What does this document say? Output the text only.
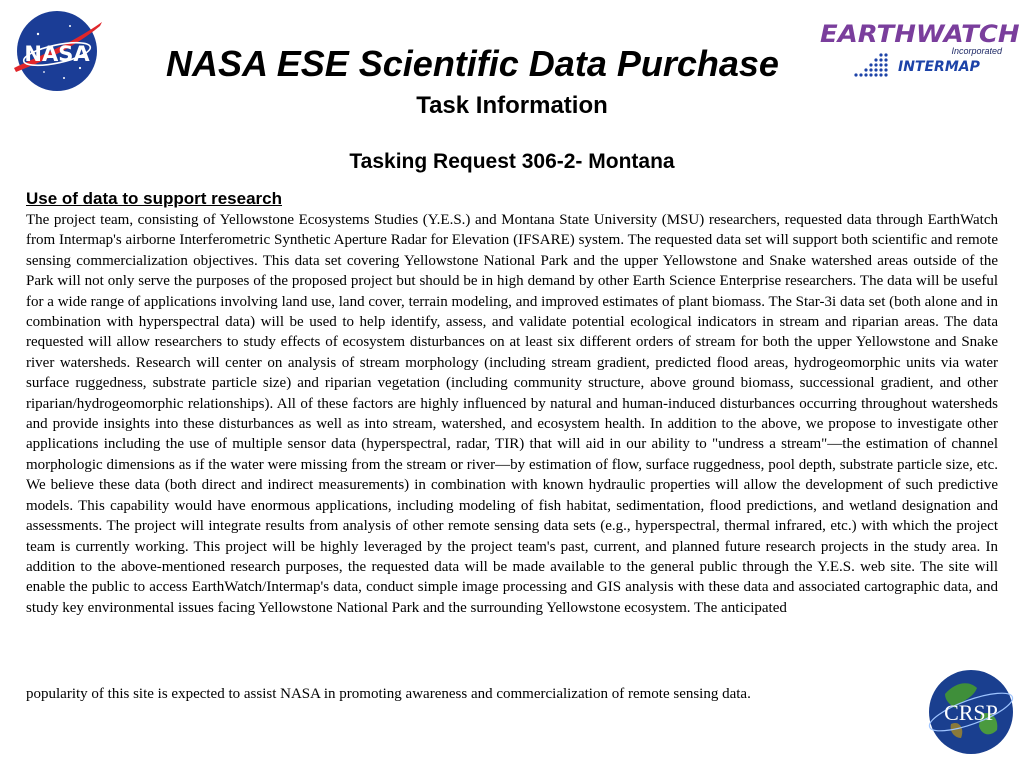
NASA	NASA ESE Scientific Data Purchase
Task Information
EARTHWATCH
Incorporated
INTERMAP
Tasking Request 306-2- Montana
Use of data to support research

The project team, consisting of Yellowstone Ecosystems Studies (Y.E.S.) and Montana State University (MSU) researchers, requested data through EarthWatch from Intermap's airborne Interferometric Synthetic Aperture Radar for Elevation (IFSARE) system. The requested data set will support both scientific and remote sensing commercialization objectives. This data set covering Yellowstone National Park and the upper Yellowstone and Snake watershed areas outside of the Park will not only serve the purposes of the proposed project but should be in high demand by other Earth Science Enterprise researchers. The data will be useful for a wide range of applications involving land use, land cover, terrain modeling, and improved estimates of plant biomass. The Star-3i data set (both alone and in combination with hyperspectral data) will be used to help identify, assess, and validate potential ecological indicators in stream and riparian areas. The data requested will allow researchers to study effects of ecosystem disturbances on at least six different orders of stream for both the upper Yellowstone and Snake river watersheds. Research will center on analysis of stream morphology (including stream gradient, predicted flood areas, hydrogeomorphic units via water surface ruggedness, substrate particle size) and riparian vegetation (including community structure, above ground biomass, successional gradient, and other riparian/hydrogeomorphic relationships). All of these factors are highly influenced by natural and human-induced disturbances occurring throughout watersheds and provide insights into these disturbances as well as into stream, watershed, and ecosystem health. In addition to the above, we propose to investigate other applications including the use of multiple sensor data (hyperspectral, radar, TIR) that will aid in our ability to "undress a stream"—the estimation of channel morphologic dimensions as if the water were missing from the stream or river—by estimation of flow, surface ruggedness, pool depth, substrate particle size, etc. We believe these data (both direct and indirect measurements) in combination with known hydraulic properties will allow the development of such predictive models. This capability would have enormous applications, including modeling of fish habitat, sedimentation, flood predictions, and wetland designation and assessments. The project will integrate results from analysis of other remote sensing data sets (e.g., hyperspectral, thermal infrared, etc.) with which the project team is currently working. This project will be highly leveraged by the project team's past, current, and planned future research projects in the study area. In addition to the above-mentioned research purposes, the requested data will be made available to the general public through the Y.E.S. web site. The site will enable the public to access EarthWatch/Intermap's data, conduct simple image processing and GIS analysis with these data and associated cartographic data, and study key environmental issues facing Yellowstone National Park and the surrounding Yellowstone ecosystem. The anticipated

popularity of this site is expected to assist NASA in promoting awareness and commercialization of remote sensing data.

CRSP
